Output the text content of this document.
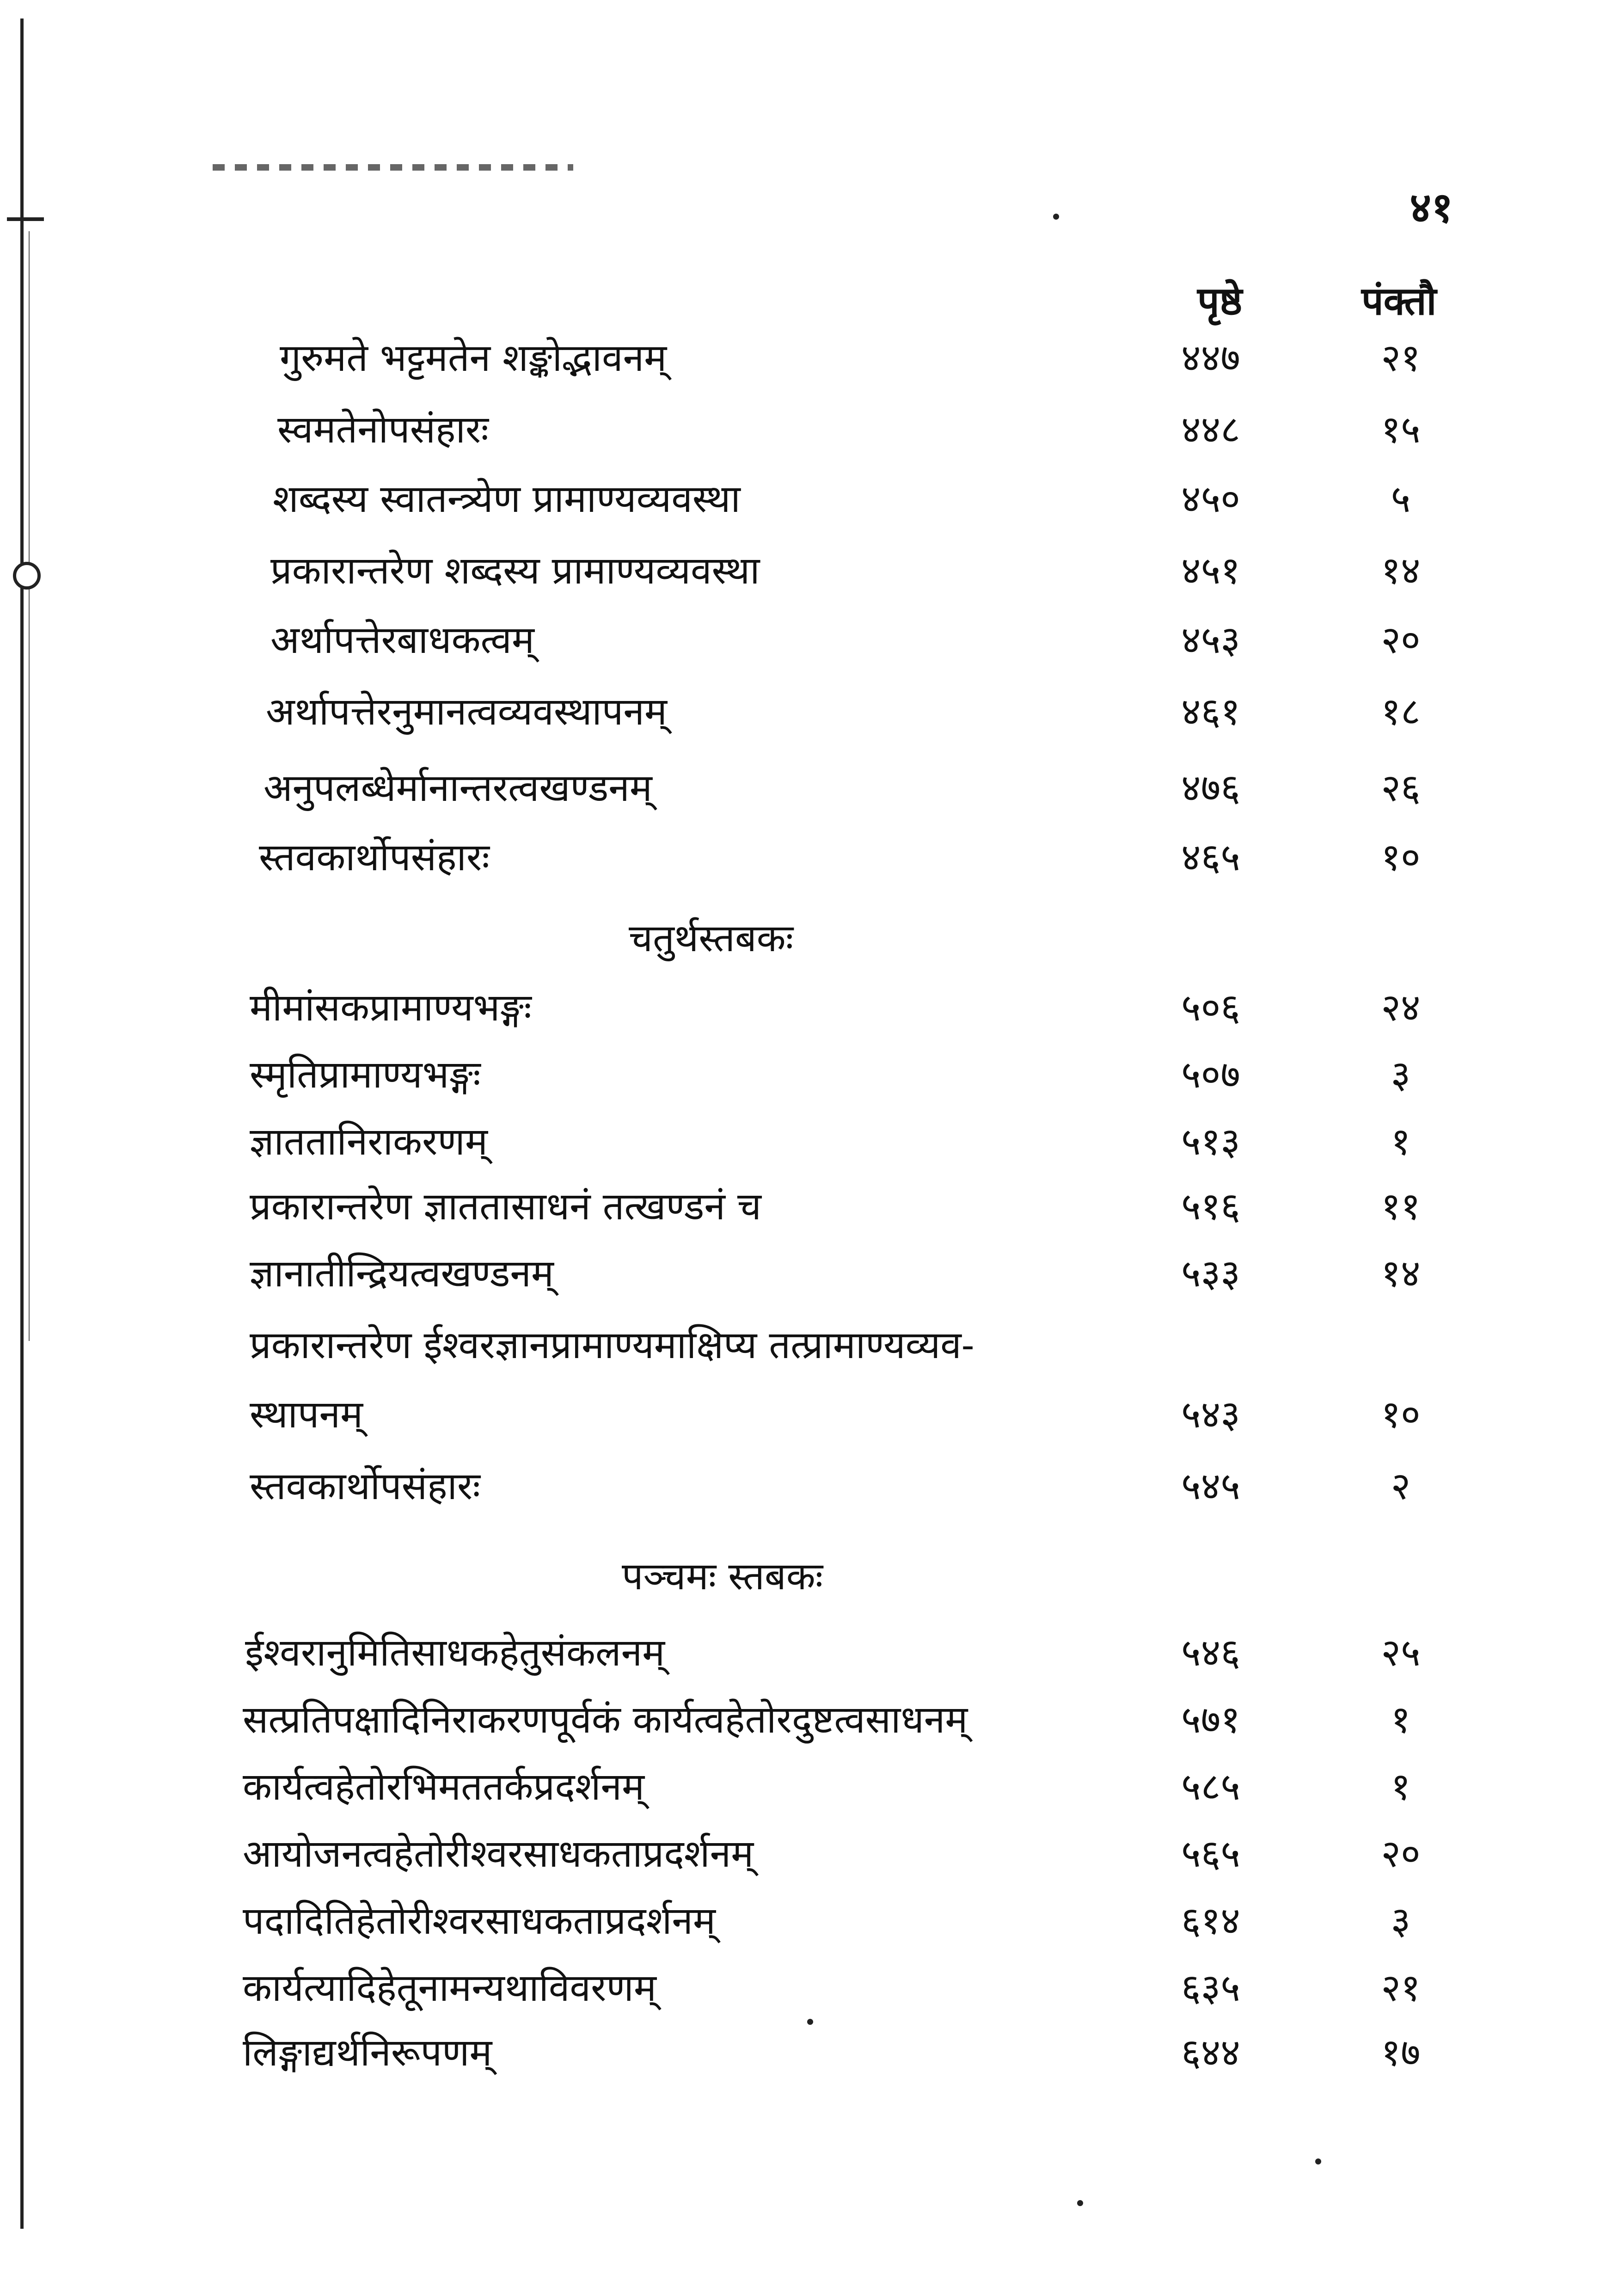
४१
पृष्ठे	पंक्तौ
गुरुमते भट्टमतेन शङ्कोद्भावनम्	४४७	२१
स्वमतेनोपसंहारः	४४८	१५
शब्दस्य स्वातन्त्र्येण प्रामाण्यव्यवस्था	४५०	५
प्रकारान्तरेण शब्दस्य प्रामाण्यव्यवस्था	४५१	१४
अर्थापत्तेरबाधकत्वम्	४५३	२०
अर्थापत्तेरनुमानत्वव्यवस्थापनम्	४६१	१८
अनुपलब्धेर्मानान्तरत्वखण्डनम्	४७६	२६
स्तवकार्थोपसंहारः	४६५	१०
चतुर्थस्तबकः
मीमांसकप्रामाण्यभङ्गः	५०६	२४
स्मृतिप्रामाण्यभङ्गः	५०७	३
ज्ञाततानिराकरणम्	५१३	१
प्रकारान्तरेण ज्ञाततासाधनं तत्खण्डनं च	५१६	११
ज्ञानातीन्द्रियत्वखण्डनम्	५३३	१४
प्रकारान्तरेण ईश्वरज्ञानप्रामाण्यमाक्षिप्य तत्प्रामाण्यव्यव-
स्थापनम्	५४३	१०
स्तवकार्थोपसंहारः	५४५	२
पञ्चमः स्तबकः
ईश्वरानुमितिसाधकहेतुसंकलनम्	५४६	२५
सत्प्रतिपक्षादिनिराकरणपूर्वकं कार्यत्वहेतोरदुष्टत्वसाधनम्	५७१	१
कार्यत्वहेतोरभिमततर्कप्रदर्शनम्	५८५	१
आयोजनत्वहेतोरीश्वरसाधकताप्रदर्शनम्	५६५	२०
पदादितिहेतोरीश्वरसाधकताप्रदर्शनम्	६१४	३
कार्यत्यादिहेतूनामन्यथाविवरणम्	६३५	२१
लिङ्गाद्यर्थनिरूपणम्	६४४	१७
